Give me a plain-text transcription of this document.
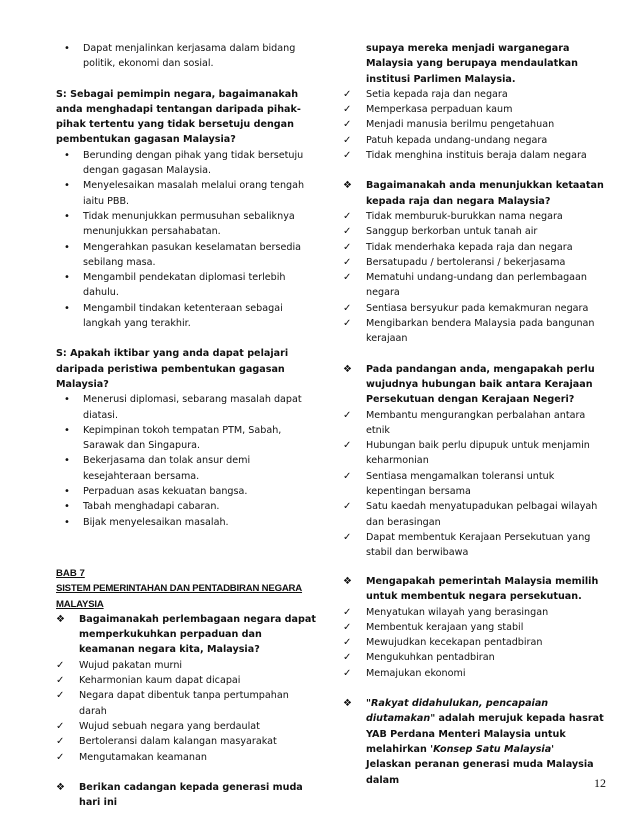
• Dapat menjalinkan kerjasama dalam bidang politik, ekonomi dan sosial.

S: Sebagai pemimpin negara, bagaimanakah anda menghadapi tentangan daripada pihak-pihak tertentu yang tidak bersetuju dengan pembentukan gagasan Malaysia?

• Berunding dengan pihak yang tidak bersetuju dengan gagasan Malaysia.
• Menyelesaikan masalah melalui orang tengah iaitu PBB.
• Tidak menunjukkan permusuhan sebaliknya menunjukkan persahabatan.
• Mengerahkan pasukan keselamatan bersedia sebilang masa.
• Mengambil pendekatan diplomasi terlebih dahulu.
• Mengambil tindakan ketenteraan sebagai langkah yang terakhir.

S: Apakah iktibar yang anda dapat pelajari daripada peristiwa pembentukan gagasan Malaysia?

• Menerusi diplomasi, sebarang masalah dapat diatasi.
• Kepimpinan tokoh tempatan PTM, Sabah, Sarawak dan Singapura.
• Bekerjasama dan tolak ansur demi kesejahteraan bersama.
• Perpaduan asas kekuatan bangsa.
• Tabah menghadapi cabaran.
• Bijak menyelesaikan masalah.

supaya mereka menjadi warganegara Malaysia yang berupaya mendaulatkan institusi Parlimen Malaysia.

✓ Setia kepada raja dan negara
✓ Memperkasa perpaduan kaum
✓ Menjadi manusia berilmu pengetahuan
✓ Patuh kepada undang-undang negara
✓ Tidak menghina instituis beraja dalam negara

❖ Bagaimanakah anda menunjukkan ketaatan kepada raja dan negara Malaysia?

✓ Tidak memburuk-burukkan nama negara
✓ Sanggup berkorban untuk tanah air
✓ Tidak menderhaka kepada raja dan negara
✓ Bersatupadu / bertoleransi / bekerjasama
✓ Mematuhi undang-undang dan perlembagaan negara
✓ Sentiasa bersyukur pada kemakmuran negara
✓ Mengibarkan bendera Malaysia pada bangunan kerajaan

❖ Pada pandangan anda, mengapakah perlu wujudnya hubungan baik antara Kerajaan Persekutuan dengan Kerajaan Negeri?

✓ Membantu mengurangkan perbalahan antara etnik
✓ Hubungan baik perlu dipupuk untuk menjamin keharmonian
✓ Sentiasa mengamalkan toleransi untuk kepentingan bersama
✓ Satu kaedah menyatupadukan pelbagai wilayah dan berasingan
✓ Dapat membentuk Kerajaan Persekutuan yang stabil dan berwibawa

BAB 7

SISTEM PEMERINTAHAN DAN PENTADBIRAN NEGARA MALAYSIA

❖ Bagaimanakah perlembagaan negara dapat memperkukuhkan perpaduan dan keamanan negara kita, Malaysia?

✓ Wujud pakatan murni
✓ Keharmonian kaum dapat dicapai
✓ Negara dapat dibentuk tanpa pertumpahan darah
✓ Wujud sebuah negara yang berdaulat
✓ Bertoleransi dalam kalangan masyarakat
✓ Mengutamakan keamanan

❖ Berikan cadangan kepada generasi muda hari ini

❖ Mengapakah pemerintah Malaysia memilih untuk membentuk negara persekutuan.

✓ Menyatukan wilayah yang berasingan
✓ Membentuk kerajaan yang stabil
✓ Mewujudkan kecekapan pentadbiran
✓ Mengukuhkan pentadbiran
✓ Memajukan ekonomi
❖ "Rakyat didahulukan, pencapaian diutamakan" adalah merujuk kepada hasrat YAB Perdana Menteri Malaysia untuk melahirkan 'Konsep Satu Malaysia'
Jelaskan peranan generasi muda Malaysia dalam	12
